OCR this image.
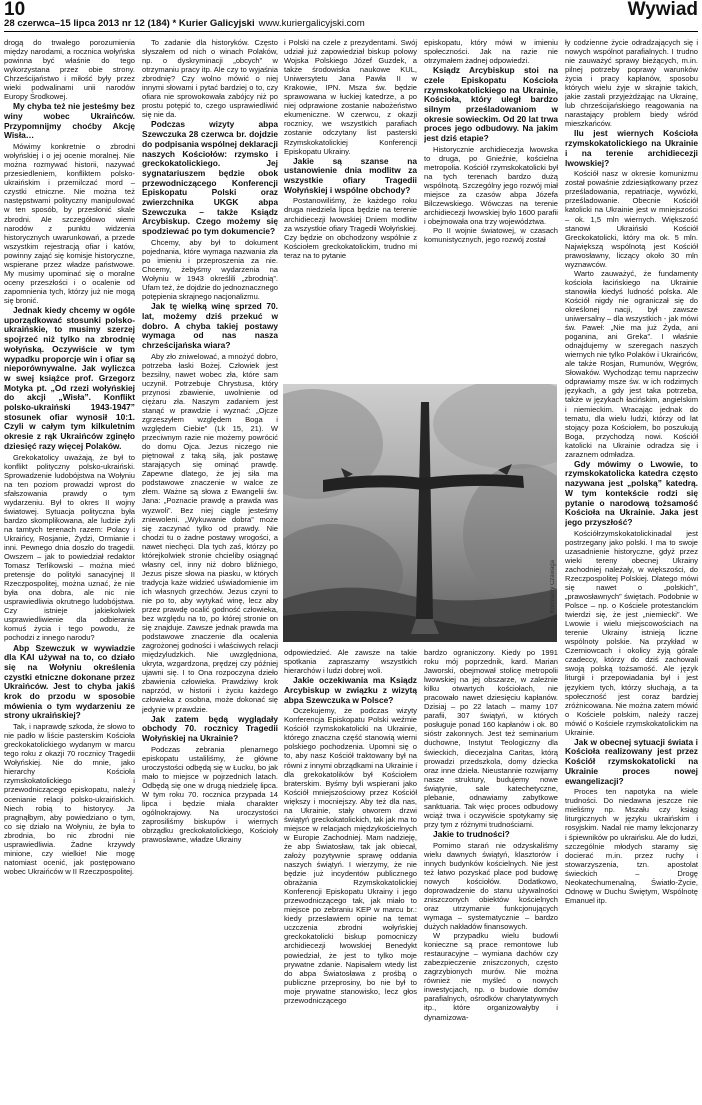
10
28 czerwca–15 lipca 2013 nr 12 (184) * Kurier Galicyjski www.kuriergalicyjski.com
Wywiad

drogą do trwałego porozumienia między narodami, a rocznica wołyńska powinna być właśnie do tego wykorzystana przez obie strony. Chrześcijaństwo i miłość były przez wieki podwalinami unii narodów Europy Środkowej.

My chyba też nie jesteśmy bez winy wobec Ukraińców. Przypomnijmy choćby Akcję Wisła…

Mówimy konkretnie o zbrodni wołyńskiej i o jej ocenie moralnej. Nie można rozmywać historii, nazywać przesiedleniem, konfliktem polsko-ukraińskim i przemilczać mord – czystki etniczne. Nie można też następstwami polityczny manipulować w ten sposób, by przesłonić skale zbrodni. Ale szczegółowo wiemi narodów z punktu widzenia historycznych uwarunkowań, a przede wszystkim rejestracją ofiar i katów, powinny zająć się komisje historyczne, wspierane przez władze państwowe. My musimy upominać się o moralne oceny przeszłości i o ocalenie od zapomnienia tych, którzy już nie mogą się bronić.

Jednak kiedy chcemy w ogóle uporządkować stosunki polsko-ukraińskie, to musimy szerzej spojrzeć niż tylko na zbrodnię wołyńską. Oczywiście w tym wypadku proporcje win i ofiar są nieporównywalne. Jak wyliczca w swej książce prof. Grzegorz Motyka pt. „Od rzezi wołyńskiej do akcji „Wisła”. Konflikt polsko-ukraiński 1943-1947” stosunek ofiar wynosił 10:1. Czyli w całym tym kilkuletnim okresie z rąk Ukraińców zginęło dziesięć razy więcej Polaków.

Grekokatolicy uważają, że był to konflikt polityczny polsko-ukraiński. Sprowadzenie ludobójstwa na Wołyniu na ten poziom prowadzi wprost do sfałszowania prawdy o tym wydarzeniu. Był to okres II wojny światowej. Sytuacja polityczna była bardzo skomplikowana, ale ludzie żyli na tamtych terenach razem: Polacy i Ukraińcy, Rosjanie, Żydzi, Ormianie i inni. Pewnego dnia doszło do tragedii. Owszem – jak to powiedział redaktor Tomasz Terlikowski – można mieć pretensje do polityki sanacyjnej II Rzeczpospolitej, można uznać, że nie była ona dobra, ale nic nie usprawiedliwia okrutnego ludobójstwa. Czy istnieje jakiekolwiek usprawiedliwienie dla odbierania komuś życia i tego powodu, że pochodzi z innego narodu?

Abp Szewczuk w wywiadzie dla KAI używał na to, co działo się na Wołyniu określenia czystki etniczne dokonane przez Ukraińców. Jest to chyba jakiś krok do przodu w sposobie mówienia o tym wydarzeniu ze strony ukraińskiej?

Tak, i naprawdę szkoda, że słowo to nie padło w liście pasterskim Kościoła greckokatolickiego wydanym w marcu tego roku z okazji 70 rocznicy Tragedii Wołyńskiej. Nie do mnie, jako hierarchy Kościoła rzymskokatolickiego i przewodniczącego episkopatu, należy ocenianie relacji polsko-ukraińskich. Niech robią to historycy. Ja pragnąłbym, aby powiedziano o tym, co się działo na Wołyniu, że była to zbrodnia, bo nic zbrodni nie usprawiedliwia. Żadne krzywdy minione, czy wielkie! Nie mogę natomiast ocenić, jak postępowano wobec Ukraińców w II Rzeczpospolitej.

To zadanie dla historyków. Często słyszałem od nich o winach Polaków, np. o dyskryminacji „obcych” w otrzymaniu pracy itp. Ale czy to wyjaśnia zbrodnię? Czy wolno mówić o niej innymi słowami i pytać bardziej o to, czy ofiara nie sprowokowała zabójcy niż po prostu potępić to, czego usprawiedliwić się nie da.

Podczas wizyty abpa Szewczuka 28 czerwca br. dojdzie do podpisania wspólnej deklaracji naszych Kościołów: rzymsko i greckokatolickiego. Jej sygnatariuszem będzie obok przewodniczącego Konferencji Episkopatu Polski oraz zwierzchnika UKGK abpa Szewczuka – także Ksiądz Arcybiskup. Czego możemy się spodziewać po tym dokumencie?

Chcemy, aby był to dokument pojednania, które wymaga nazwania zła po imieniu i przeproszenia za nie. Chcemy, żebyśmy wydarzenia na Wołyniu w 1943 określili „zbrodnią”. Ufam też, że dojdzie do jednoznacznego potępienia skrajnego nacjonalizmu.

Jak tę wielką winę sprzed 70. lat, możemy dziś przekuć w dobro. A chyba takiej postawy wymaga od nas nasza chrześcijańska wiara?

Aby zło zniwelować, a mnożyć dobro, potrzeba łaski Bożej. Człowiek jest bezsilny, nawet wobec zła, które sam uczynił. Potrzebuje Chrystusa, który przynosi zbawienie, uwolnienie od ciężaru zła. Naszym zadaniem jest stanąć w prawdzie i wyznać: „Ojcze zgrzeszyłem względem Boga i względem Ciebie” (Lk 15, 21). W przeciwnym razie nie możemy powrócić do domu Ojca. Jezus niczego nie piętnował z taką siłą, jak postawę starających się ominąć prawdę. Zapewne dlatego, że jej siła ma podstawowe znaczenie w walce ze złem. Ważne są słowa z Ewangelii św. Jana: „Poznacie prawdę a prawda was wyzwoli”. Bez niej ciągle jesteśmy zniewoleni. „Wykuwanie dobra” może się zaczynać tylko od prawdy. Nie chodzi tu o żadne postawy wrogości, a nawet niechęci. Dla tych zaś, którzy po którejkolwiek stronie chcieliby osiągnąć własny cel, inny niż dobro bliźniego, Jezus pisze słowa na piasku, w których tradycja każe widzieć uświadomienie im ich własnych grzechów. Jezus czyni to nie po to, aby wytykać winę, lecz aby przez prawdę ocalić godność człowieka, bez względu na to, po której stronie on się znajduje. Zawsze jednak prawda ma podstawowe znaczenie dla ocalenia zagrożonej godności i właściwych relacji międzyludzkich. Nie uwzględniona, ukryta, wzgardzona, prędzej czy później ujawni się. I to Ona rozpoczyna dzieło zbawienia człowieka. Prawdziwy krok naprzód, w historii i życiu każdego człowieka z osobna, może dokonać się jedynie w prawdzie.

Jak zatem będą wyglądały obchody 70. rocznicy Tragedii Wołyńskiej na Ukrainie?

Podczas zebrania plenarnego episkopatu ustaliliśmy, że główne uroczystości odbędą się w Łucku, bo jak mało to miejsce w pojrzednich latach. Odbędą się one w drugą niedzielę lipca. W tym roku 70. rocznica przypada 14 lipca i będzie miała charakter ogólnokrajowy. Na uroczystości zaprosiliśmy biskupów i wiernych obrządku greckokatolickiego, Kościoły prawosławne, władze Ukrainy

i Polski na czele z prezydentami. Swój udział już zapowiedział biskup polowy Wojska Polskiego Józef Guzdek, a także środowiska naukowe KUL, Uniwersytetu Jana Pawła II w Krakowie, IPN. Msza św. będzie sprawowana w łuckiej katedrze, a po niej odprawione zostanie nabożeństwo ekumeniczne. W czerwcu, z okazji rocznicy, we wszystkich parafiach zostanie odczytany list pasterski Rzymskokatolickiej Konferencji Episkopatu Ukrainy.

Jakie są szanse na ustanowienie dnia modlitw za wszystkie ofiary Tragedii Wołyńskiej i wspólne obchody?

Postanowiliśmy, że każdego roku druga niedziela lipca będzie na terenie archidiecezji lwowskiej Dniem modlitw za wszystkie ofiary Tragedii Wołyńskiej. Czy będzie on obchodzony wspólnie z Kościołem greckokatolickim, trudno mi teraz na to pytanie

episkopatu, który mówi w imieniu społeczności. Jak na razie nie otrzymałem żadnej odpowiedzi.

Ksiądz Arcybiskup stoi na czele Episkopatu Kościoła rzymskokatolickiego na Ukrainie, Kościoła, który uległ bardzo silnym prześladowaniom w okresie sowieckim. Od 20 lat trwa proces jego odbudowy. Na jakim jest dziś etapie?

Historycznie archidiecezja lwowska to druga, po Gnieźnie, kościelna metropolia. Kościół rzymskokatolicki był na tych terenach bardzo dużą wspólnotą. Szczególny jego rozwój miał miejsce za czasów abpa Józefa Bilczewskiego. Wówczas na terenie archidiecezji lwowskiej było 1600 parafii i obejmowała ona trzy województwa.

Po II wojnie światowej, w czasach komunistycznych, jego rozwój został

ły codzienne życie odradzających się i nowych wspólnot parafialnych. I trudno nie zauważyć sprawy bieżących, m.in. pilnej potrzeby poprawy warunków życia i pracy kapłanów, sposobu których wielu żyje w skrajnie takich, jakie zastali przyjeżdżając na Ukrainę, lub chrześcijańskiego reagowania na narastający problem biedy wśród mieszkańców.

Ilu jest wiernych Kościoła rzymskokatolickiego na Ukrainie i na terenie archidiecezji lwowskiej?

Kościół nasz w okresie komunizmu został powaśnie zdziesiątkowany przez prześladowania, repatriacje, wywózki, prześladowanie. Obecnie Kościół katolicki na Ukrainie jest w mniejszości – ok. 1,5 mln wiernych. Większość stanowi Ukraiński Kościół Greckokatolicki, który ma ok. 5 mln. Największą wspólnotą jest Kościół prawosławny, liczący około 30 mln wyznawców.

Warto zauważyć, że fundamenty kościoła łacińskiego na Ukrainie stanowiła kiedyś ludność polska. Ale Kościół nigdy nie ograniczał się do określonej nacji, był zawsze uniwersalny – dla wszystkich - jak mówi św. Paweł: „Nie ma już Żyda, ani poganina, ani Greka”. I właśnie odnajdujemy w szeregach naszych wiernych nie tylko Polaków i Ukraińców, ale także Rosjan, Rumunów, Węgrów, Słowaków. Wychodząc temu naprzeciw odprawiamy msze św. w ich rodzimych językach, a gdy jest taka potrzeba, także w językach łacińskim, angielskim i niemieckim. Wracając jednak do tematu, dla wielu ludzi, którzy od lat stojący poza Kościołem, bo poszukują Boga, przychodzą nowi. Kościół katolicki na Ukrainie odradza się i zaraznem odmładza.

Gdy mówimy o Lwowie, to rzymskokatolicka katedra często nazywana jest „polską” katedrą. W tym kontekście rodzi się pytanie o narodową tożsamość Kościoła na Ukrainie. Jaka jest jego przyszłość?

Kościółrzymskokatolickinadal jest postrzegany jako polski. I ma to swoje uzasadnienie historyczne, gdyż przez wieki tereny obecnej Ukrainy zachodniej należały, w większości, do Rzeczpospolitej Polskiej. Dlatego mówi się nawet o „polskich”, „prawosławnych” świętach. Podobnie w Polsce – np. o Kościele protestanckim twierdzi się, że jest „niemiecki”. We Lwowie i wielu miejscowościach na terenie Ukrainy istnieją liczne wspólnoty polskie. Na przykład w Czerniowcach i okolicy żyją górale czadeccy, którzy do dziś zachowali swoją polską tożsamość. Ale język liturgii i przepowiadania był i jest językiem tych, którzy słuchają, a ta społeczność jest coraz bardziej zróżnicowana. Nie można zatem mówić o Kościele polskim, należy raczej mówić o Kościele rzymskokatolickim na Ukrainie.

Jak w obecnej sytuacji świata i Kościoła realizowany jest przez Kościół rzymskokatolicki na Ukrainie proces nowej ewangelizacji?

Proces ten napotyka na wiele trudności. Do niedawna jeszcze nie mieliśmy np. Mszału czy ksiąg liturgicznych w języku ukraińskim i rosyjskim. Nadal nie mamy lekcjonarzy i śpiewników po ukraińsku. Ale do ludzi, szczególnie młodych staramy się docierać m.in. przez ruchy i stowarzyszenia, tzn. apostolat świeckich – Drogę Neokatechumenalną, Światło-Życie, Odnowę w Duchu Świętym, Wspólnotę Emanuel itp.

odpowiedzieć. Ale zawsze na takie spotkania zapraszamy wszystkich hierarchów i ludzi dobrej woli.

Jakie oczekiwania ma Ksiądz Arcybiskup w związku z wizytą abpa Szewczuka w Polsce?

Oczekujemy, że podczas wizyty Konferencja Episkopatu Polski weźmie Kościół rzymskokatolicki na Ukrainie, którego znaczna część stanowią wierni polskiego pochodzenia. Upomni się o to, aby nasz Kościół traktowany był na równi z innymi obrządkami na Ukrainie i dla grekokatolików był Kościołem braterskim. Byśmy byli wspierani jako Kościół mniejszościowy przez Kościół większy i mocniejszy. Aby też dla nas, na Ukrainie, stały otworem drzwi świątyń greckokatolickich, tak jak ma to miejsce w relacjach międzykościelnych w Europie Zachodniej. Mam nadzieję, że abp Światosław, tak jak obiecał, założy pozytywnie sprawę oddania naszych świątyń. I wierzymy, że nie będzie już incydentów publicznego obrażania Rzymskokatolickiej Konferencji Episkopatu Ukrainy i jego przewodniczącego tak, jak miało to miejsce po zebraniu KEP w marcu br.: kiedy przesławiem opinie na temat uczczenia zbrodni wołyńskiej greckokatolicki biskup pomocniczy archidiecezji lwowskiej Benedykt powiedział, że jest to tylko moje prywatne zdanie. Napisałem wtedy list do abpa Światosława z prośbą o publiczne przeprosiny, bo nie był to moje prywatne stanowisko, lecz głos przewodniczącego

bardzo ograniczony. Kiedy po 1991 roku mój poprzednik, kard. Marian Jaworski, obejmował stolicę metropolii lwowskiej na jej obszarze, w zależnie kilku otwartych kościołach, nie pracowało nawet dziesięciu kapłanów. Dzisiaj – po 22 latach – mamy 107 parafii, 307 świątyń, w których posługuje ponad 160 kapłanów i ok. 80 sióstr zakonnych. Jest też seminarium duchowne, Instytut Teologiczny dla świeckich, diecezjalna Caritas, którą prowadzi przedszkola, domy dziecka oraz inne dzieła. Nieustannie rozwijamy nasze struktury, budujemy nowe świątynie, sale katechetyczne, plebanie, odnawiamy zabytkowe sanktuaria. Tak więc proces odbudowy wciąż trwa i oczywiście spotykamy się przy tym z różnymi trudnościami.

Jakie to trudności?

Pomimo starań nie odzyskaliśmy wielu dawnych świątyń, klasztorów i innych budynków kościelnych. Nie jest też łatwo pozyskać place pod budowę nowych kościołów. Dodatkowo, doprowadzenie do stanu używalności zniszczonych obiektów kościelnych oraz utrzymanie funkcjonujących wymaga – systematycznie – bardzo dużych nakładów finansowych.

W przypadku wielu budowli konieczne są prace remontowe lub restauracyjne – wymiana dachów czy zabezpieczenie zniszczonych, często zagrzybionych murów. Nie można również nie myśleć o nowych inwestycjach, np. o budowie domów parafialnych, ośrodków charytatywnych itp., które organizowałyby i dynamizowa-

Konstanty Czawaga
